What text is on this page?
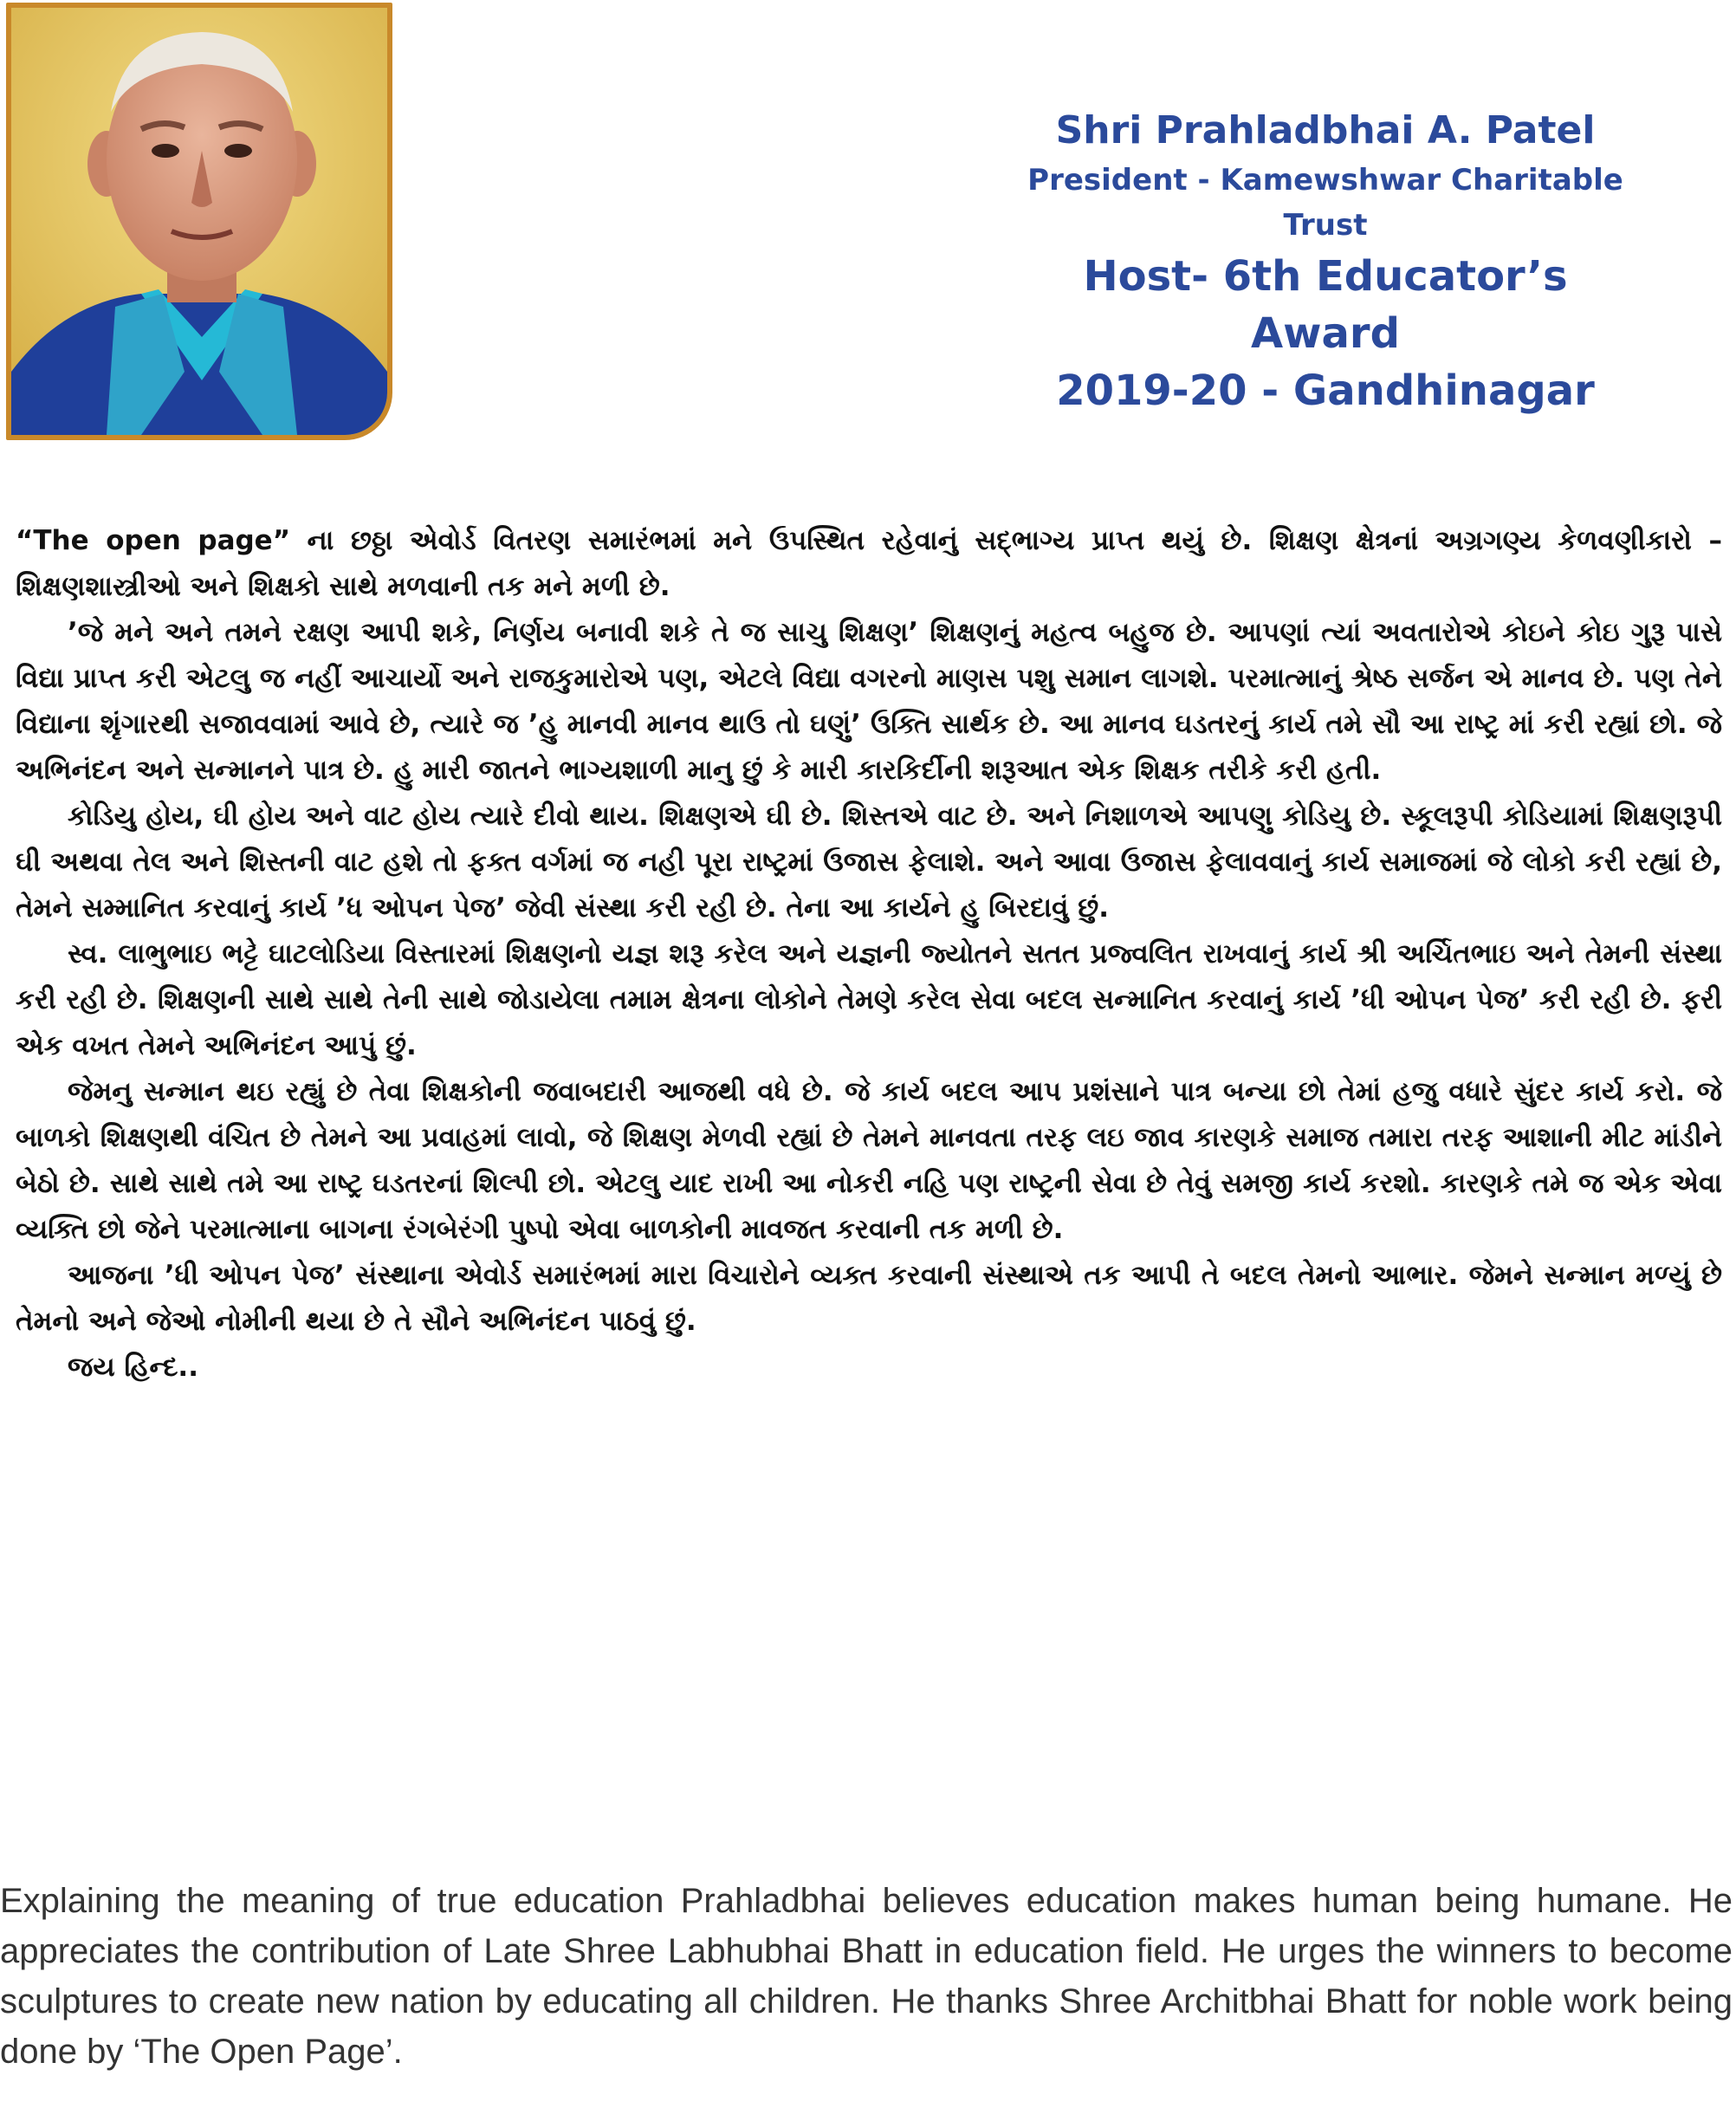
Shri Prahladbhai A. Patel
President - Kamewshwar Charitable Trust
Host- 6th Educator’s Award
2019-20 - Gandhinagar

“The open page” ના છઠ્ઠા એવોર્ડ વિતરણ સમારંભમાં મને ઉપસ્થિત રહેવાનું સદ્ભાગ્ય પ્રાપ્ત થયું છે. શિક્ષણ ક્ષેત્રનાં અગ્રગણ્ય કેળવણીકારો – શિક્ષણશાસ્ત્રીઓ અને શિક્ષકો સાથે મળવાની તક મને મળી છે.

’જે મને અને તમને રક્ષણ આપી શકે, નિર્ણય બનાવી શકે તે જ સાચુ શિક્ષણ’ શિક્ષણનું મહત્વ બહુજ છે. આપણાં ત્યાં અવતારોએ કોઇને કોઇ ગુરૂ પાસે વિદ્યા પ્રાપ્ત કરી એટલુ જ નહીં આચાર્યો અને રાજકુમારોએ પણ, એટલે વિદ્યા વગરનો માણસ પશુ સમાન લાગશે. પરમાત્માનું શ્રેષ્ઠ સર્જન એ માનવ છે. પણ તેને વિદ્યાના શૃંગારથી સજાવવામાં આવે છે, ત્યારે જ ’હુ માનવી માનવ થાઉ તો ઘણું’ ઉક્તિ સાર્થક છે. આ માનવ ઘડતરનું કાર્ય તમે સૌ આ રાષ્ટ્ર માં કરી રહ્યાં છો. જે અભિનંદન અને સન્માનને પાત્ર છે. હુ મારી જાતને ભાગ્યશાળી માનુ છું કે મારી કારકિર્દીની શરૂઆત એક શિક્ષક તરીકે કરી હતી.

કોડિયુ હોય, ઘી હોય અને વાટ હોય ત્યારે દીવો થાય. શિક્ષણએ ઘી છે. શિસ્તએ વાટ છે. અને નિશાળએ આપણુ કોડિયુ છે. સ્કૂલરૂપી કોડિયામાં શિક્ષણરૂપી ઘી અથવા તેલ અને શિસ્તની વાટ હશે તો ફક્ત વર્ગમાં જ નહી પૂરા રાષ્ટ્રમાં ઉજાસ ફેલાશે. અને આવા ઉજાસ ફેલાવવાનું કાર્ય સમાજમાં જે લોકો કરી રહ્યાં છે, તેમને સમ્માનિત કરવાનું કાર્ય ’ધ ઓપન પેજ’ જેવી સંસ્થા કરી રહી છે. તેના આ કાર્યને હુ બિરદાવું છું.

સ્વ. લાભુભાઇ ભટ્ટે ઘાટલોડિયા વિસ્તારમાં શિક્ષણનો યજ્ઞ શરૂ કરેલ અને યજ્ઞની જ્યોતને સતત પ્રજ્વલિત રાખવાનું કાર્ય શ્રી અર્ચિતભાઇ અને તેમની સંસ્થા કરી રહી છે. શિક્ષણની સાથે સાથે તેની સાથે જોડાયેલા તમામ ક્ષેત્રના લોકોને તેમણે કરેલ સેવા બદલ સન્માનિત કરવાનું કાર્ય ’ધી ઓપન પેજ’ કરી રહી છે. ફરી એક વખત તેમને અભિનંદન આપું છું.

જેમનુ સન્માન થઇ રહ્યું છે તેવા શિક્ષકોની જવાબદારી આજથી વધે છે. જે કાર્ય બદલ આપ પ્રશંસાને પાત્ર બન્યા છો તેમાં હજુ વધારે સુંદર કાર્ય કરો. જે બાળકો શિક્ષણથી વંચિત છે તેમને આ પ્રવાહમાં લાવો, જે શિક્ષણ મેળવી રહ્યાં છે તેમને માનવતા તરફ લઇ જાવ કારણકે સમાજ તમારા તરફ આશાની મીટ માંડીને બેઠો છે. સાથે સાથે તમે આ રાષ્ટ્ર ઘડતરનાં શિલ્પી છો. એટલુ યાદ રાખી આ નોકરી નહિ પણ રાષ્ટ્રની સેવા છે તેવું સમજી કાર્ય કરશો. કારણકે તમે જ એક એવા વ્યક્તિ છો જેને પરમાત્માના બાગના રંગબેરંગી પુષ્પો એવા બાળકોની માવજત કરવાની તક મળી છે.

આજના ’ધી ઓપન પેજ’ સંસ્થાના એવોર્ડ સમારંભમાં મારા વિચારોને વ્યક્ત કરવાની સંસ્થાએ તક આપી તે બદલ તેમનો આભાર. જેમને સન્માન મળ્યું છે તેમનો અને જેઓ નોમીની થયા છે તે સૌને અભિનંદન પાઠવું છું.

જય હિન્દ..

Explaining the meaning of true education Prahladbhai believes education makes human being humane. He appreciates the contribution of Late Shree Labhubhai Bhatt in education field. He urges the winners to become sculptures to create new nation by educating all children. He thanks Shree Architbhai Bhatt for noble work being done by ‘The Open Page’.
